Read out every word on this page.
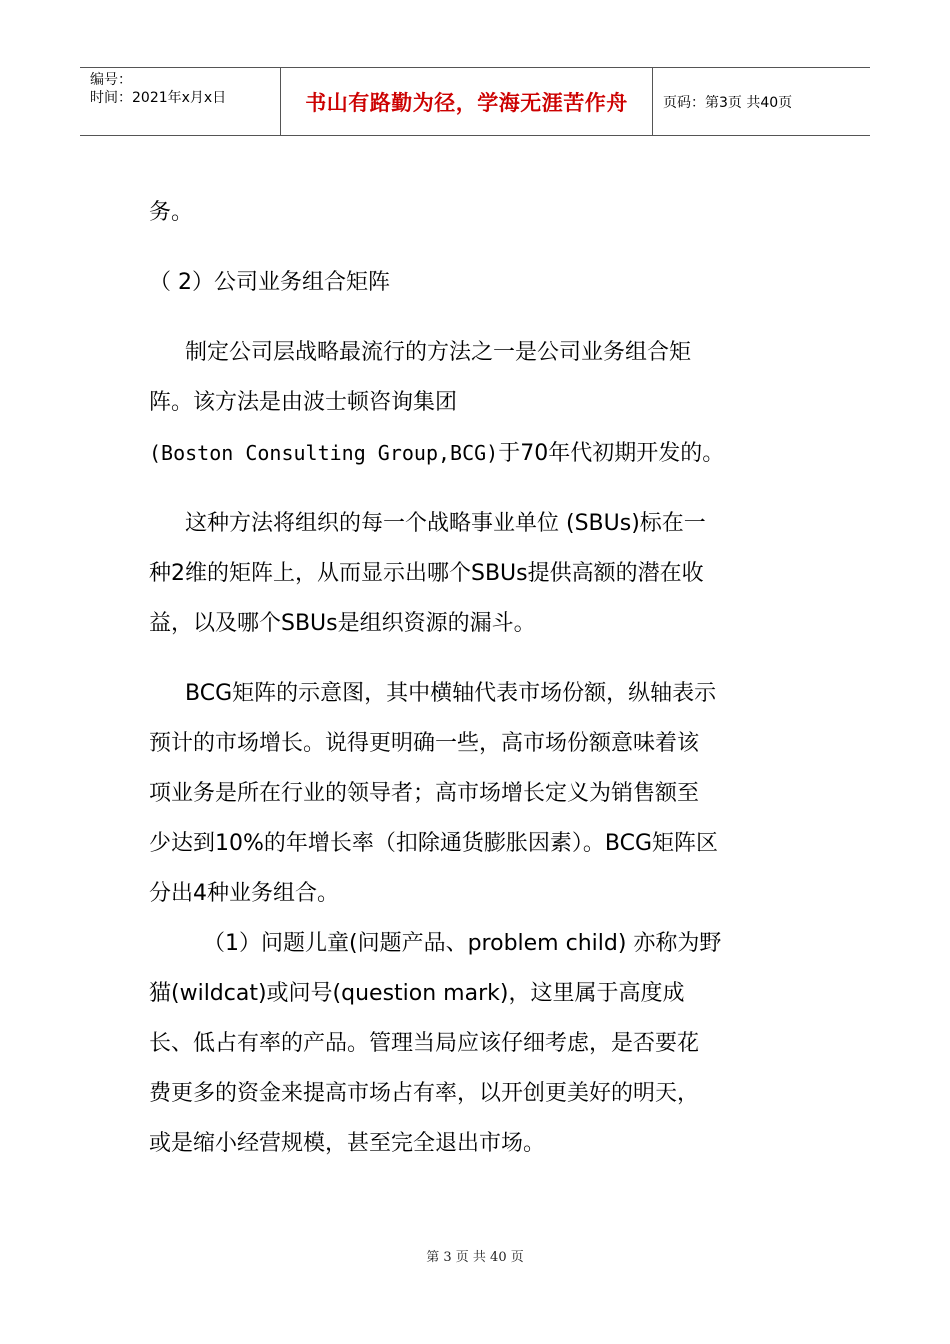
编号：
时间：2021年x月x日	书山有路勤为径，学海无涯苦作舟	页码：第3页 共40页

务。

（ 2）公司业务组合矩阵

制定公司层战略最流行的方法之一是公司业务组合矩

阵。该方法是由波士顿咨询集团

(Boston Consulting Group,BCG)于70年代初期开发的。

这种方法将组织的每一个战略事业单位 (SBUs)标在一

种2维的矩阵上，从而显示出哪个SBUs提供高额的潜在收

益，以及哪个SBUs是组织资源的漏斗。

BCG矩阵的示意图，其中横轴代表市场份额，纵轴表示

预计的市场增长。说得更明确一些，高市场份额意味着该

项业务是所在行业的领导者；高市场增长定义为销售额至

少达到10%的年增长率（扣除通货膨胀因素）。BCG矩阵区

分出4种业务组合。

（1）问题儿童(问题产品、problem child) 亦称为野

猫(wildcat)或问号(question mark)，这里属于高度成

长、低占有率的产品。管理当局应该仔细考虑，是否要花

费更多的资金来提高市场占有率，以开创更美好的明天，

或是缩小经营规模，甚至完全退出市场。

第 3 页 共 40 页
